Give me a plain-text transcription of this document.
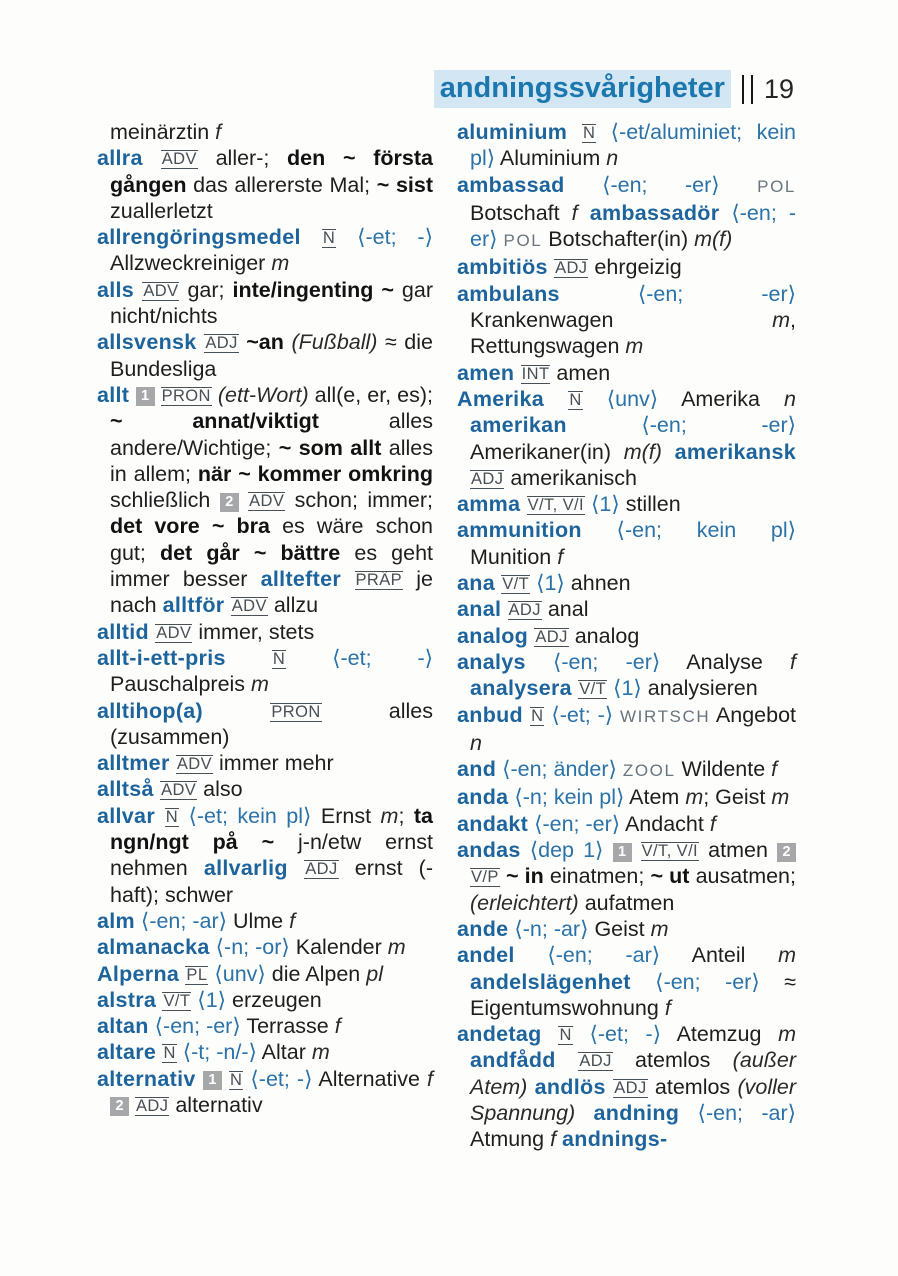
andningssvårigheter 19

meinärztin f

allra ADV aller-; den ~ första gången das allererste Mal; ~ sist zuallerletzt

allrengöringsmedel N ⟨-et; -⟩ Allzweckreiniger m

alls ADV gar; inte/ingenting ~ gar nicht/nichts

allsvensk ADJ ~an (Fußball) ≈ die Bundesliga

allt 1 PRON (ett-Wort) all(e, er, es); ~ annat/viktigt alles andere/Wichtige; ~ som allt alles in allem; när ~ kommer omkring schließlich 2 ADV schon; immer; det vore ~ bra es wäre schon gut; det går ~ bättre es geht immer besser alltefter PRÄP je nach alltför ADV allzu

alltid ADV immer, stets

allt-i-ett-pris N ⟨-et; -⟩ Pauschalpreis m

alltihop(a) PRON alles (zusammen)

alltmer ADV immer mehr

alltså ADV also

allvar N ⟨-et; kein pl⟩ Ernst m; ta ngn/ngt på ~ j-n/etw ernst nehmen allvarlig ADJ ernst (-haft); schwer

alm ⟨-en; -ar⟩ Ulme f

almanacka ⟨-n; -or⟩ Kalender m

Alperna PL ⟨unv⟩ die Alpen pl

alstra V/T ⟨1⟩ erzeugen

altan ⟨-en; -er⟩ Terrasse f

altare N ⟨-t; -n/-⟩ Altar m

alternativ 1 N ⟨-et; -⟩ Alternative f 2 ADJ alternativ

aluminium N ⟨-et/aluminiet; kein pl⟩ Aluminium n

ambassad ⟨-en; -er⟩ POL Botschaft f ambassadör ⟨-en; -er⟩ POL Botschafter(in) m(f)

ambitiös ADJ ehrgeizig

ambulans ⟨-en; -er⟩ Krankenwagen m, Rettungswagen m

amen INT amen

Amerika N ⟨unv⟩ Amerika n amerikan ⟨-en; -er⟩ Amerikaner(in) m(f) amerikansk ADJ amerikanisch

amma V/T, V/I ⟨1⟩ stillen

ammunition ⟨-en; kein pl⟩ Munition f

ana V/T ⟨1⟩ ahnen

anal ADJ anal

analog ADJ analog

analys ⟨-en; -er⟩ Analyse f analysera V/T ⟨1⟩ analysieren

anbud N ⟨-et; -⟩ WIRTSCH Angebot n

and ⟨-en; änder⟩ ZOOL Wildente f

anda ⟨-n; kein pl⟩ Atem m; Geist m

andakt ⟨-en; -er⟩ Andacht f

andas ⟨dep 1⟩ 1 V/T, V/I atmen 2 V/P ~ in einatmen; ~ ut ausatmen; (erleichtert) aufatmen

ande ⟨-n; -ar⟩ Geist m

andel ⟨-en; -ar⟩ Anteil m andelslägenhet ⟨-en; -er⟩ ≈ Eigentumswohnung f

andetag N ⟨-et; -⟩ Atemzug m andfådd ADJ atemlos (außer Atem) andlös ADJ atemlos (voller Spannung) andning ⟨-en; -ar⟩ Atmung f andnings-
